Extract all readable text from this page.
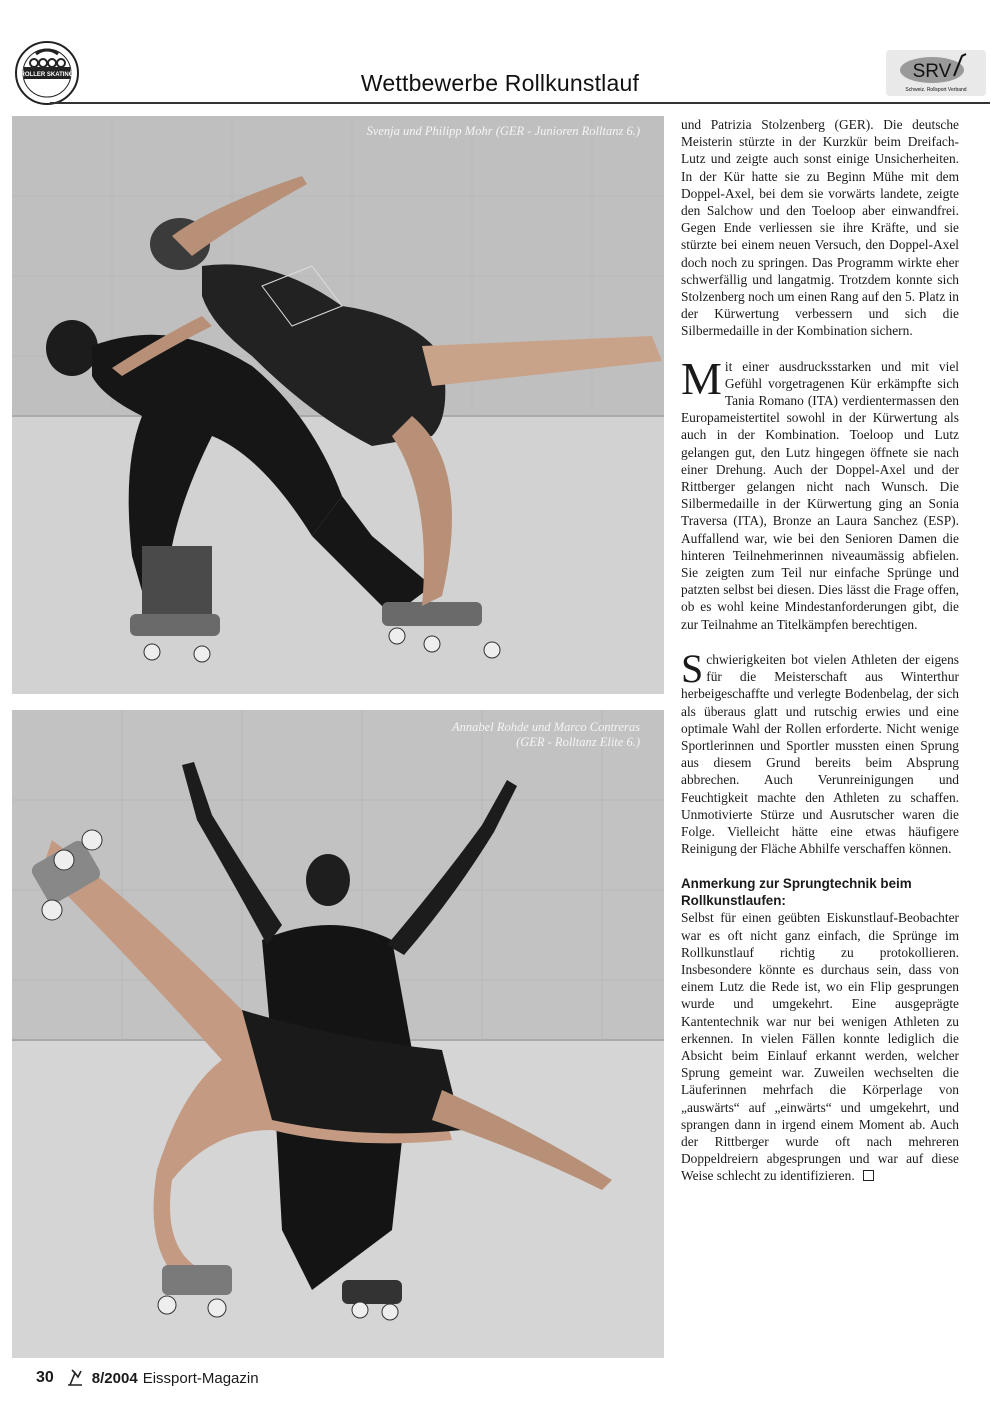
ROLLER SKATING	Wettbewerbe Rollkunstlauf	SRV
Schweiz. Rollsport Verband
Svenja und Philipp Mohr (GER - Junioren Rolltanz 6.)
Annabel Rohde und Marco Contreras
(GER - Rolltanz Elite 6.)

und Patrizia Stolzenberg (GER). Die deutsche Meisterin stürzte in der Kurzkür beim Dreifach-Lutz und zeigte auch sonst einige Unsicherheiten. In der Kür hatte sie zu Beginn Mühe mit dem Doppel-Axel, bei dem sie vorwärts landete, zeigte den Salchow und den Toeloop aber einwandfrei. Gegen Ende verliessen sie ihre Kräfte, und sie stürzte bei einem neuen Versuch, den Doppel-Axel doch noch zu springen. Das Programm wirkte eher schwerfällig und langatmig. Trotzdem konnte sich Stolzenberg noch um einen Rang auf den 5. Platz in der Kürwertung verbessern und sich die Silbermedaille in der Kombination sichern.

Mit einer ausdrucksstarken und mit viel Gefühl vorgetragenen Kür erkämpfte sich Tania Romano (ITA) verdientermassen den Europameistertitel sowohl in der Kürwertung als auch in der Kombination. Toeloop und Lutz gelangen gut, den Lutz hingegen öffnete sie nach einer Drehung. Auch der Doppel-Axel und der Rittberger gelangen nicht nach Wunsch. Die Silbermedaille in der Kürwertung ging an Sonia Traversa (ITA), Bronze an Laura Sanchez (ESP). Auffallend war, wie bei den Senioren Damen die hinteren Teilnehmerinnen niveaumässig abfielen. Sie zeigten zum Teil nur einfache Sprünge und patzten selbst bei diesen. Dies lässt die Frage offen, ob es wohl keine Mindestanforderungen gibt, die zur Teilnahme an Titelkämpfen berechtigen.

Schwierigkeiten bot vielen Athleten der eigens für die Meisterschaft aus Winterthur herbeigeschaffte und verlegte Bodenbelag, der sich als überaus glatt und rutschig erwies und eine optimale Wahl der Rollen erforderte. Nicht wenige Sportlerinnen und Sportler mussten einen Sprung aus diesem Grund bereits beim Absprung abbrechen. Auch Verunreinigungen und Feuchtigkeit machte den Athleten zu schaffen. Unmotivierte Stürze und Ausrutscher waren die Folge. Vielleicht hätte eine etwas häufigere Reinigung der Fläche Abhilfe verschaffen können.

Anmerkung zur Sprungtechnik beim Rollkunstlaufen:

Selbst für einen geübten Eiskunstlauf-Beobachter war es oft nicht ganz einfach, die Sprünge im Rollkunstlauf richtig zu protokollieren. Insbesondere könnte es durchaus sein, dass von einem Lutz die Rede ist, wo ein Flip gesprungen wurde und umgekehrt. Eine ausgeprägte Kantentechnik war nur bei wenigen Athleten zu erkennen. In vielen Fällen konnte lediglich die Absicht beim Einlauf erkannt werden, welcher Sprung gemeint war. Zuweilen wechselten die Läuferinnen mehrfach die Körperlage von „auswärts“ auf „einwärts“ und umgekehrt, und sprangen dann in irgend einem Moment ab. Auch der Rittberger wurde oft nach mehreren Doppeldreiern abgesprungen und war auf diese Weise schlecht zu identifizieren.

30	8/2004 Eissport-Magazin
